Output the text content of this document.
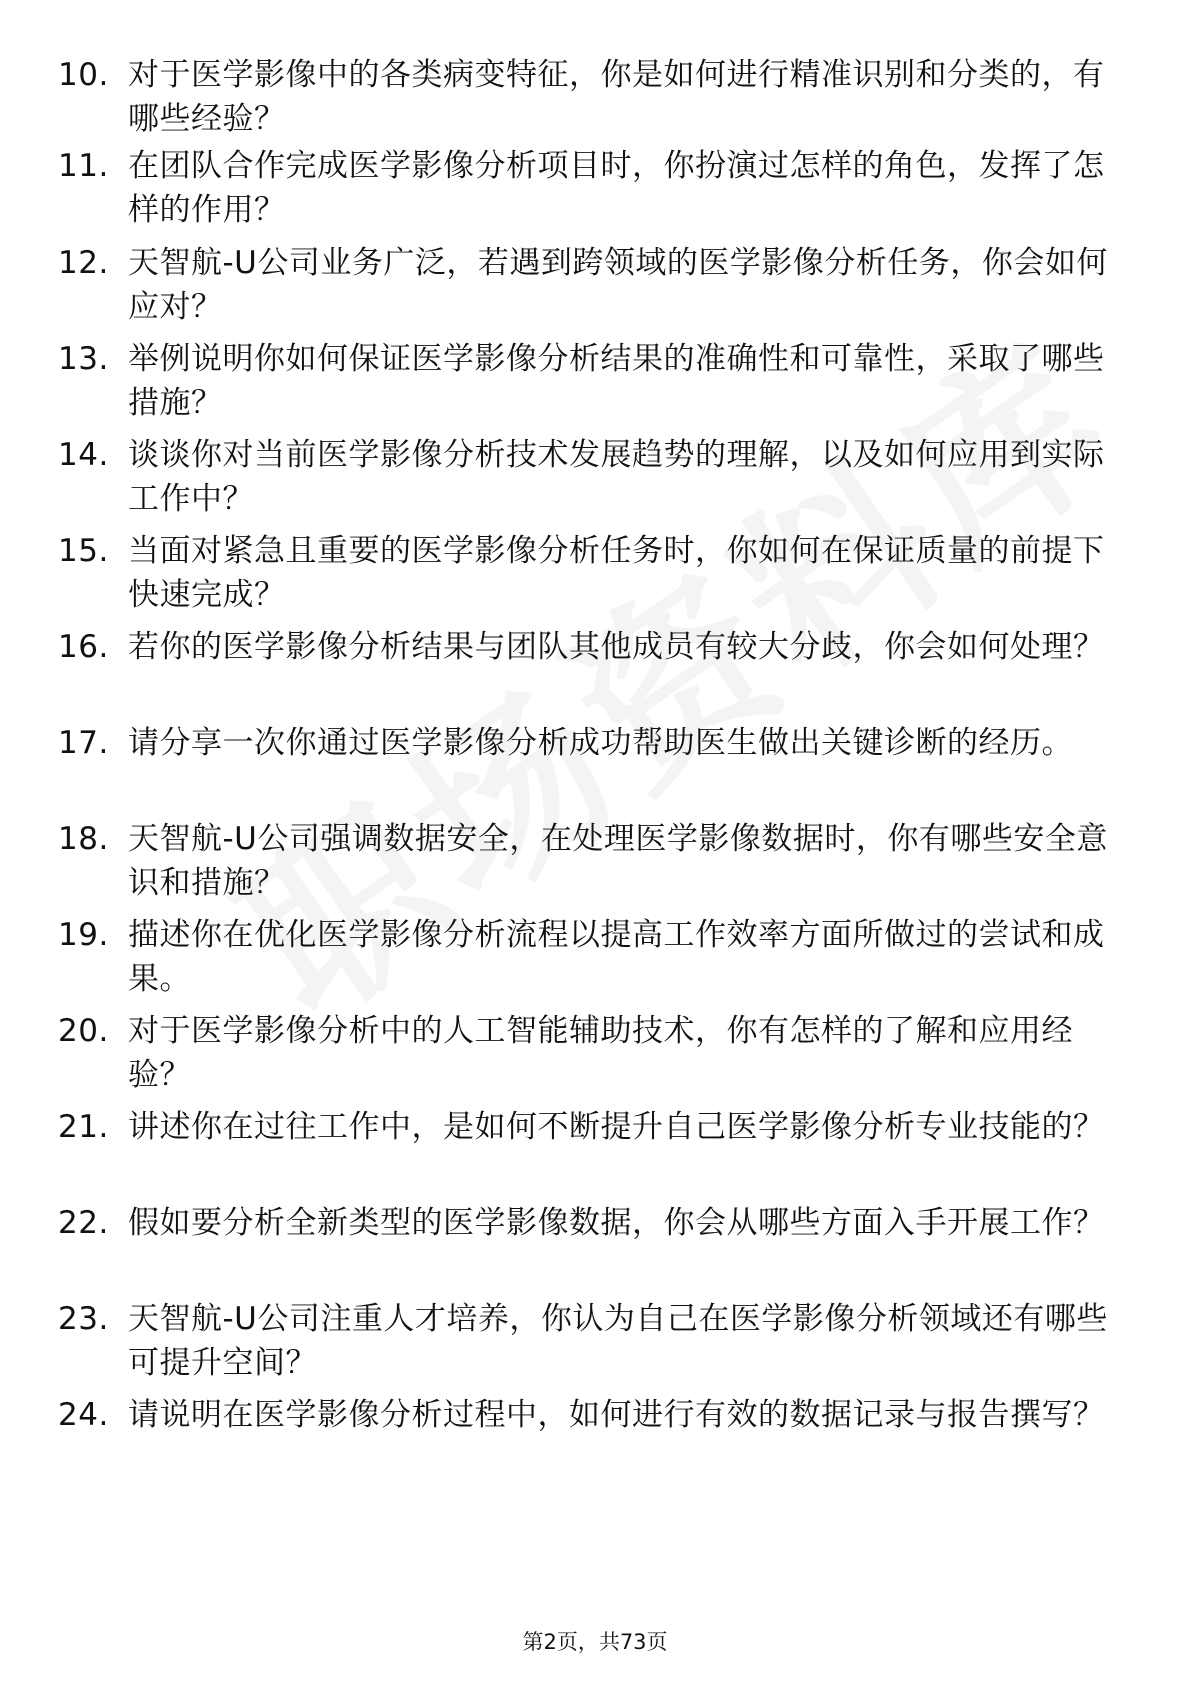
10. 对于医学影像中的各类病变特征，你是如何进行精准识别和分类的，有哪些经验？
11. 在团队合作完成医学影像分析项目时，你扮演过怎样的角色，发挥了怎样的作用？
12. 天智航-U公司业务广泛，若遇到跨领域的医学影像分析任务，你会如何应对？
13. 举例说明你如何保证医学影像分析结果的准确性和可靠性，采取了哪些措施？
14. 谈谈你对当前医学影像分析技术发展趋势的理解，以及如何应用到实际工作中？
15. 当面对紧急且重要的医学影像分析任务时，你如何在保证质量的前提下快速完成？
16. 若你的医学影像分析结果与团队其他成员有较大分歧，你会如何处理？
17. 请分享一次你通过医学影像分析成功帮助医生做出关键诊断的经历。
18. 天智航-U公司强调数据安全，在处理医学影像数据时，你有哪些安全意识和措施？
19. 描述你在优化医学影像分析流程以提高工作效率方面所做过的尝试和成果。
20. 对于医学影像分析中的人工智能辅助技术，你有怎样的了解和应用经验？
21. 讲述你在过往工作中，是如何不断提升自己医学影像分析专业技能的？
22. 假如要分析全新类型的医学影像数据，你会从哪些方面入手开展工作？
23. 天智航-U公司注重人才培养，你认为自己在医学影像分析领域还有哪些可提升空间？
24. 请说明在医学影像分析过程中，如何进行有效的数据记录与报告撰写？
第2页，共73页
